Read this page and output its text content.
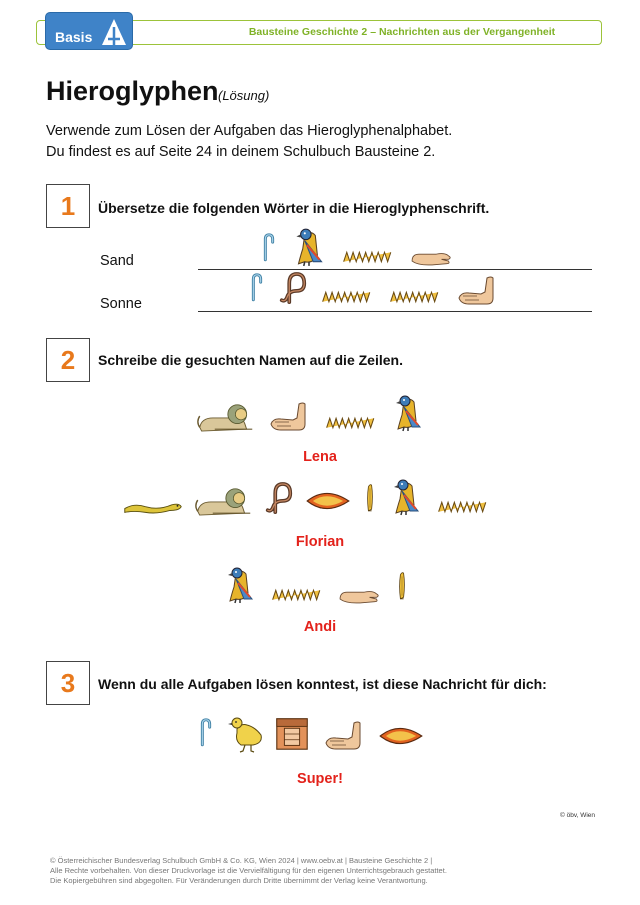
Basis	Bausteine Geschichte 2 – Nachrichten aus der Vergangenheit
Hieroglyphen (Lösung)
Verwende zum Lösen der Aufgaben das Hieroglyphenalphabet.
Du findest es auf Seite 24 in deinem Schulbuch Bausteine 2.
1	Übersetze die folgenden Wörter in die Hieroglyphenschrift.
Sand
Sonne
2	Schreibe die gesuchten Namen auf die Zeilen.
Lena
Florian
Andi
3	Wenn du alle Aufgaben lösen konntest, ist diese Nachricht für dich:
Super!
© öbv, Wien
© Österreichischer Bundesverlag Schulbuch GmbH & Co. KG, Wien 2024 | www.oebv.at | Bausteine Geschichte 2 |
Alle Rechte vorbehalten. Von dieser Druckvorlage ist die Vervielfältigung für den eigenen Unterrichtsgebrauch gestattet.
Die Kopiergebühren sind abgegolten. Für Veränderungen durch Dritte übernimmt der Verlag keine Verantwortung.
